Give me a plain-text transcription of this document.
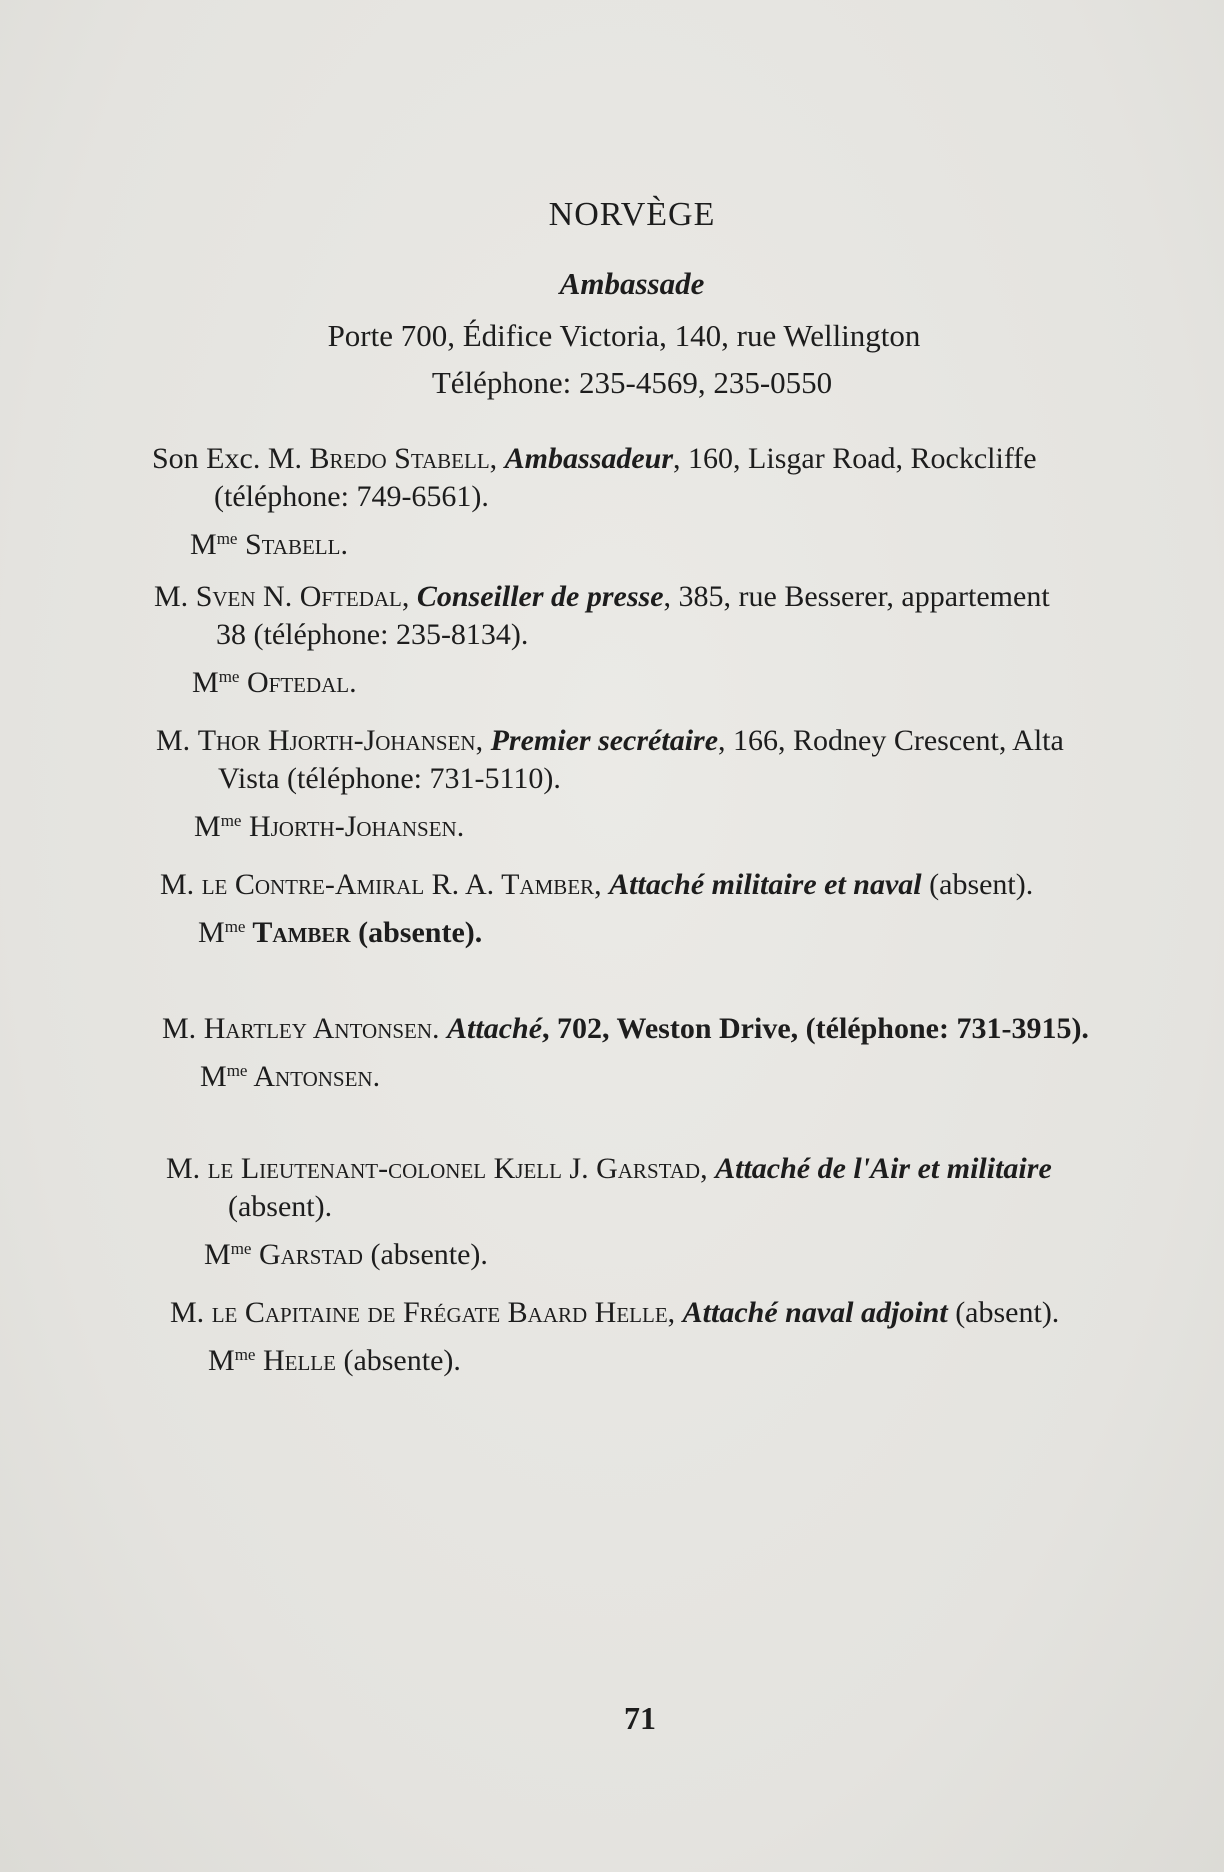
NORVÈGE
Ambassade
Porte 700, Édifice Victoria, 140, rue Wellington
Téléphone: 235-4569, 235-0550
Son Exc. M. Bredo Stabell, Ambassadeur, 160, Lisgar Road, Rockcliffe (téléphone: 749-6561).
$M^{me}$ Stabell.
M. Sven N. Oftedal, Conseiller de presse, 385, rue Besserer, appartement 38 (téléphone: 235-8134).
$M^{me}$ Oftedal.
M. Thor Hjorth-Johansen, Premier secrétaire, 166, Rodney Crescent, Alta Vista (téléphone: 731-5110).
$M^{me}$ Hjorth-Johansen.
M. le Contre-Amiral R. A. Tamber, Attaché militaire et naval (absent).
$M^{me}$ Tamber (absente).
M. Hartley Antonsen. Attaché, 702, Weston Drive, (téléphone: 731-3915).
$M^{me}$ Antonsen.
M. le Lieutenant-colonel Kjell J. Garstad, Attaché de l'Air et militaire (absent).
$M^{me}$ Garstad (absente).
M. le Capitaine de Frégate Baard Helle, Attaché naval adjoint (absent).
$M^{me}$ Helle (absente).
71
